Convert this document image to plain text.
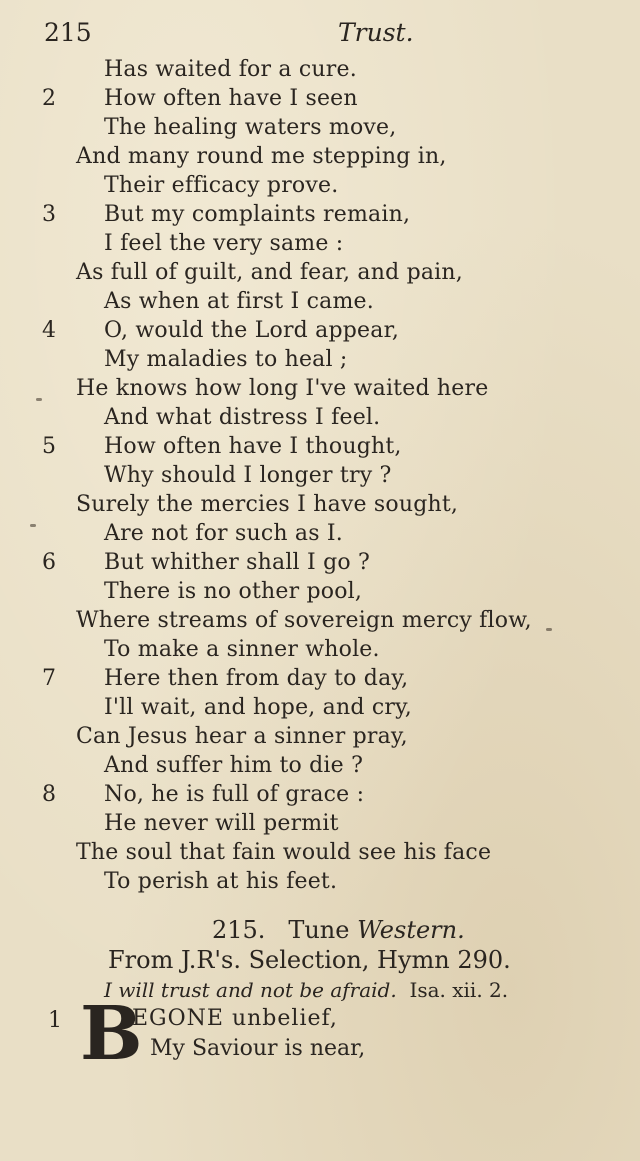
215	Trust.
Has waited for a cure.
2 How often have I seen
The healing waters move,
And many round me stepping in,
Their efficacy prove.
3 But my complaints remain,
I feel the very same :
As full of guilt, and fear, and pain,
As when at first I came.
4 O, would the Lord appear,
My maladies to heal ;
He knows how long I've waited here
And what distress I feel.
5 How often have I thought,
Why should I longer try ?
Surely the mercies I have sought,
Are not for such as I.
6 But whither shall I go ?
There is no other pool,
Where streams of sovereign mercy flow,
To make a sinner whole.
7 Here then from day to day,
I'll wait, and hope, and cry,
Can Jesus hear a sinner pray,
And suffer him to die ?
8 No, he is full of grace :
He never will permit
The soul that fain would see his face
To perish at his feet.
215. Tune Western.
From J.R's. Selection, Hymn 290.
I will trust and not be afraid. Isa. xii. 2.
1 B
EGONE unbelief,
My Saviour is near,
